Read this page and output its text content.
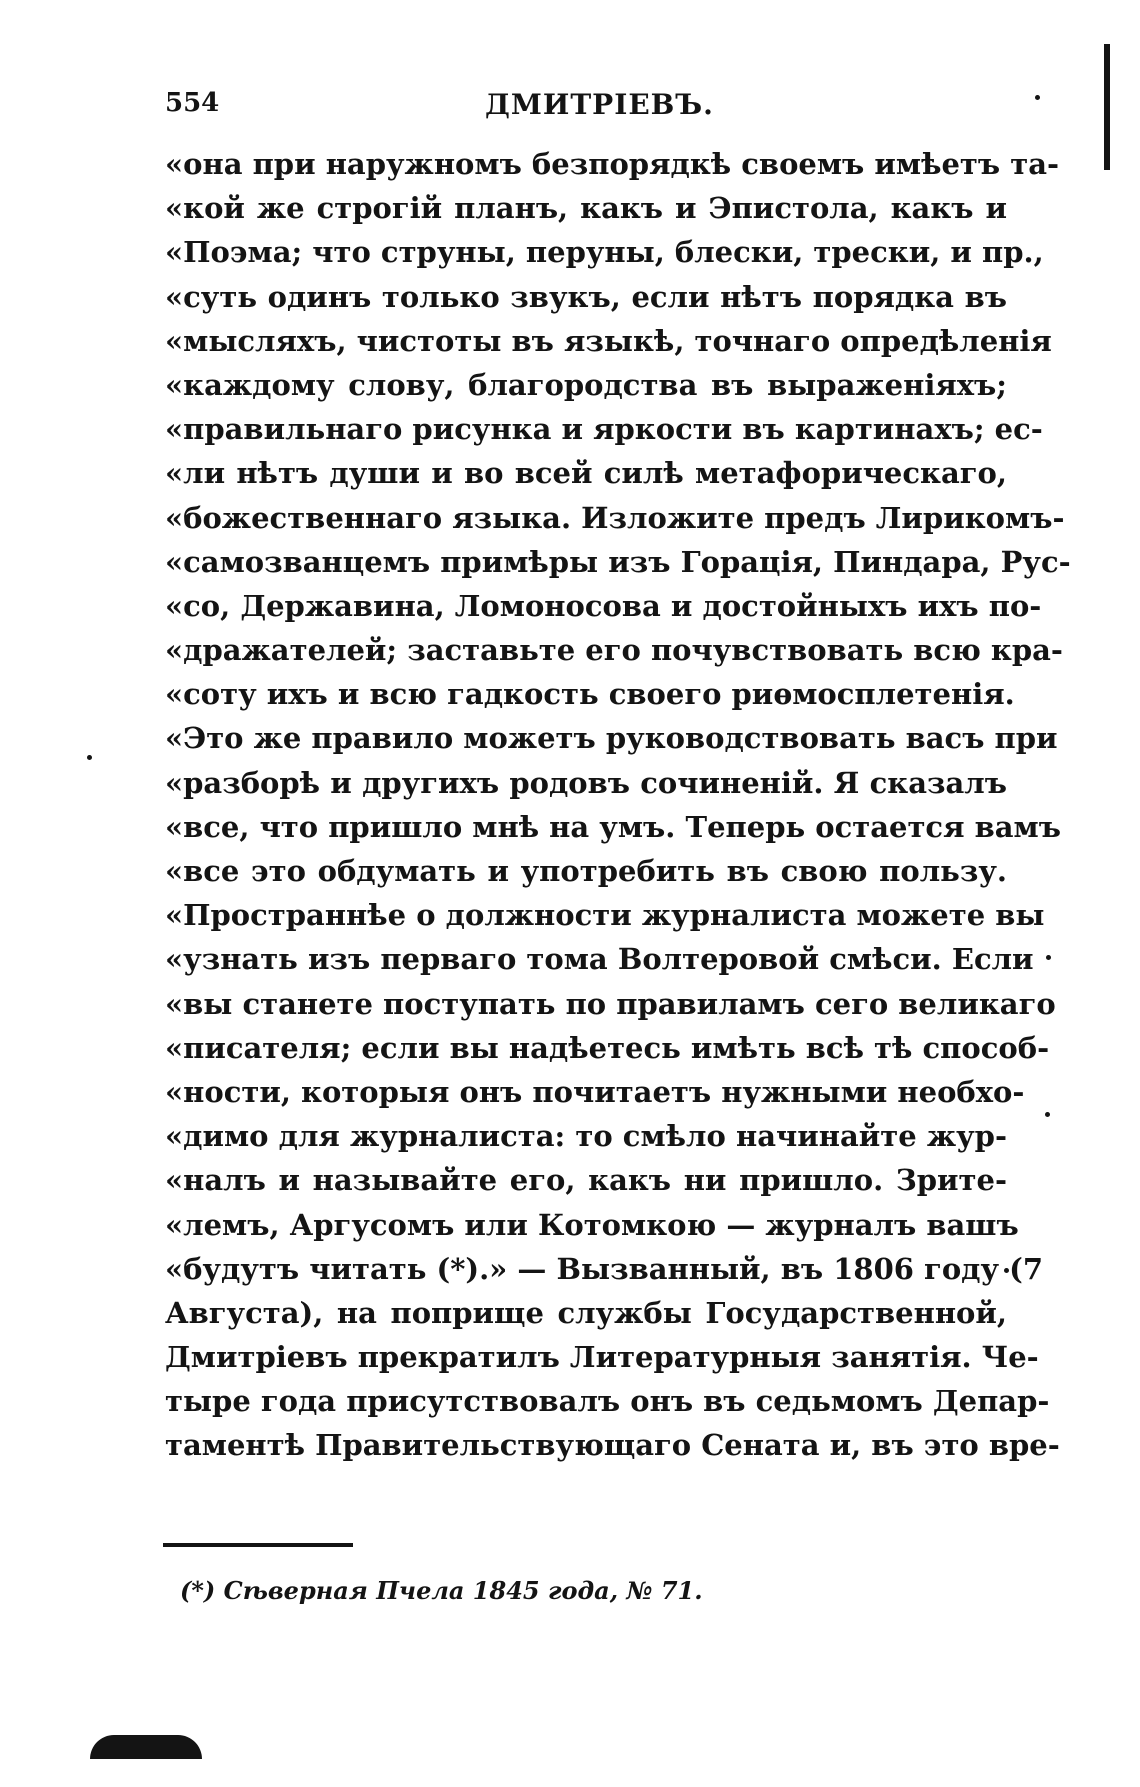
554	ДМИТРІЕВЪ.
«она при наружномъ безпорядкѣ своемъ имѣетъ та-
«кой же строгій планъ, какъ и Эпистола, какъ и
«Поэма; что струны, перуны, блески, трески, и пр.,
«суть одинъ только звукъ, если нѣтъ порядка въ
«мысляхъ, чистоты въ языкѣ, точнаго опредѣленія
«каждому слову, благородства въ выраженіяхъ;
«правильнаго рисунка и яркости въ картинахъ; ес-
«ли нѣтъ души и во всей силѣ метафорическаго,
«божественнаго языка. Изложите предъ Лирикомъ-
«самозванцемъ примѣры изъ Горація, Пиндара, Рус-
«со, Державина, Ломоносова и достойныхъ ихъ по-
«дражателей; заставьте его почувствовать всю кра-
«соту ихъ и всю гадкость своего риѳмосплетенія.
«Это же правило можетъ руководствовать васъ при
«разборѣ и другихъ родовъ сочиненій. Я сказалъ
«все, что пришло мнѣ на умъ. Теперь остается вамъ
«все это обдумать и употребить въ свою пользу.
«Пространнѣе о должности журналиста можете вы
«узнать изъ перваго тома Волтеровой смѣси. Если
«вы станете поступать по правиламъ сего великаго
«писателя; если вы надѣетесь имѣть всѣ тѣ способ-
«ности, которыя онъ почитаетъ нужными необхо-
«димо для журналиста: то смѣло начинайте жур-
«налъ и называйте его, какъ ни пришло. Зрите-
«лемъ, Аргусомъ или Котомкою — журналъ вашъ
«будутъ читать (*).» — Вызванный, въ 1806 году (7
Августа), на поприще службы Государственной,
Дмитріевъ прекратилъ Литературныя занятія. Че-
тыре года присутствовалъ онъ въ седьмомъ Депар-
таментѣ Правительствующаго Сената и, въ это вре-
(*) Сѣверная Пчела 1845 года, № 71.
